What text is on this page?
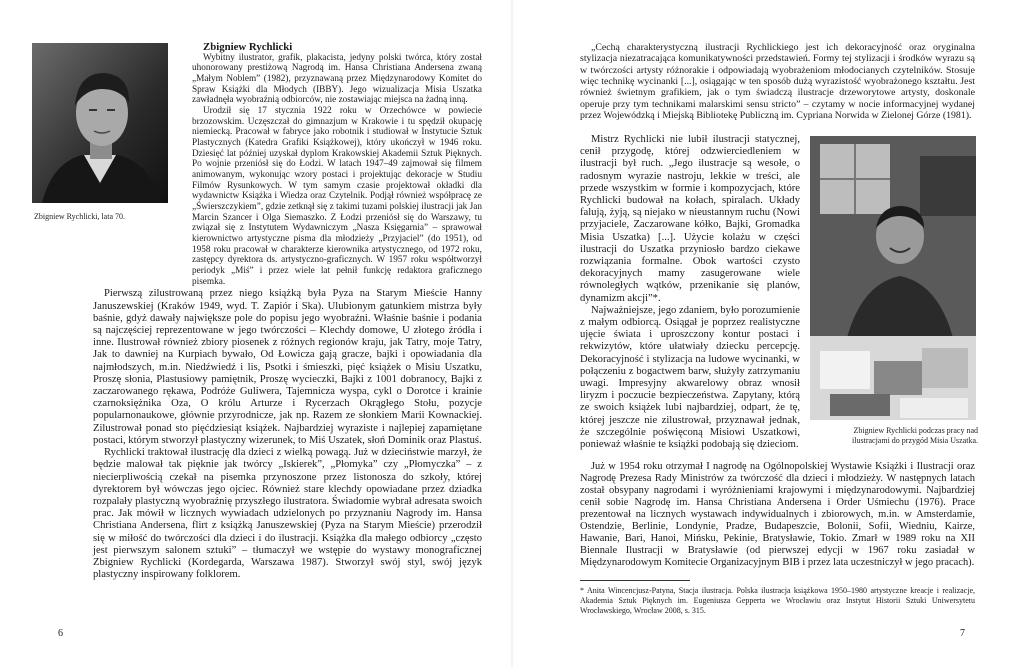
Zbigniew Rychlicki, lata 70.

Zbigniew Rychlicki

Wybitny ilustrator, grafik, plakacista, jedyny polski twórca, który został uhonorowany prestiżową Nagrodą im. Hansa Christiana Andersena zwaną „Małym Noblem” (1982), przyznawaną przez Międzynarodowy Komitet do Spraw Książki dla Młodych (IBBY). Jego wizualizacja Misia Uszatka zawładnęła wyobraźnią odbiorców, nie zostawiając miejsca na żadną inną.

Urodził się 17 stycznia 1922 roku w Orzechówce w powiecie brzozowskim. Uczęszczał do gimnazjum w Krakowie i tu spędził okupację niemiecką. Pracował w fabryce jako robotnik i studiował w Instytucie Sztuk Plastycznych (Katedra Grafiki Książkowej), który ukończył w 1946 roku. Dziesięć lat później uzyskał dyplom Krakowskiej Akademii Sztuk Pięknych. Po wojnie przeniósł się do Łodzi. W latach 1947–49 zajmował się filmem animowanym, wykonując wzory postaci i projektując dekoracje w Studiu Filmów Rysunkowych. W tym samym czasie projektował okładki dla wydawnictw Książka i Wiedza oraz Czytelnik. Podjął również współpracę ze „Świerszczykiem”, gdzie zetknął się z takimi tuzami polskiej ilustracji jak Jan Marcin Szancer i Olga Siemaszko. Z Łodzi przeniósł się do Warszawy, tu związał się z Instytutem Wydawniczym „Nasza Księgarnia” – sprawował kierownictwo artystyczne pisma dla młodzieży „Przyjaciel” (do 1951), od 1958 roku pracował w charakterze kierownika artystycznego, od 1972 roku, zastępcy dyrektora ds. artystyczno-graficznych. W 1957 roku współtworzył periodyk „Miś” i przez wiele lat pełnił funkcję redaktora graficznego pisemka.

Pierwszą zilustrowaną przez niego książką była Pyza na Starym Mieście Hanny Januszewskiej (Kraków 1949, wyd. T. Zapiór i Ska). Ulubionym gatunkiem mistrza były baśnie, gdyż dawały największe pole do popisu jego wyobraźni. Właśnie baśnie i podania są najczęściej reprezentowane w jego twórczości – Klechdy domowe, U złotego źródła i inne. Ilustrował również zbiory piosenek z różnych regionów kraju, jak Tatry, moje Tatry, Jak to dawniej na Kurpiach bywało, Od Łowicza gają gracze, bajki i opowiadania dla najmłodszych, m.in. Niedźwiedź i lis, Psotki i śmieszki, pięć książek o Misiu Uszatku, Proszę słonia, Plastusiowy pamiętnik, Proszę wycieczki, Bajki z 1001 dobranocy, Bajki z zaczarowanego rękawa, Podróże Guliwera, Tajemnicza wyspa, cykl o Dorotce i krainie czarnoksiężnika Oza, O królu Arturze i Rycerzach Okrągłego Stołu, pozycje popularnonaukowe, głównie przyrodnicze, jak np. Razem ze słonkiem Marii Kownackiej. Zilustrował ponad sto pięćdziesiąt książek. Najbardziej wyraziste i najlepiej zapamiętane postaci, którym stworzył plastyczny wizerunek, to Miś Uszatek, słoń Dominik oraz Plastuś.

Rychlicki traktował ilustrację dla dzieci z wielką powagą. Już w dzieciństwie marzył, że będzie malował tak pięknie jak twórcy „Iskierek”, „Płomyka” czy „Płomyczka” – z niecierpliwością czekał na pisemka przynoszone przez listonosza do szkoły, której dyrektorem był wówczas jego ojciec. Również stare klechdy opowiadane przez dziadka rozpalały plastyczną wyobraźnię przyszłego ilustratora. Świadomie wybrał adresata swoich prac. Jak mówił w licznych wywiadach udzielonych po przyznaniu Nagrody im. Hansa Christiana Andersena, flirt z książką Januszewskiej (Pyza na Starym Mieście) przerodził się w miłość do twórczości dla dzieci i do ilustracji. Książka dla małego odbiorcy „często jest pierwszym salonem sztuki” – tłumaczył we wstępie do wystawy monograficznej Zbigniew Rychlicki (Kordegarda, Warszawa 1987). Stworzył swój styl, swój język plastyczny inspirowany folklorem.

6

„Cechą charakterystyczną ilustracji Rychlickiego jest ich dekoracyjność oraz oryginalna stylizacja niezatracająca komunikatywności przedstawień. Formy tej stylizacji i środków wyrazu są w twórczości artysty różnorakie i odpowiadają wyobrażeniom młodocianych czytelników. Stosuje więc technikę wycinanki [...], osiągając w ten sposób dużą wyrazistość wyobrażonego kształtu. Jest również świetnym grafikiem, jak o tym świadczą ilustracje drzeworytowe artysty, doskonale operuje przy tym technikami malarskimi sensu stricto” – czytamy w nocie informacyjnej wydanej przez Wojewódzką i Miejską Bibliotekę Publiczną im. Cypriana Norwida w Zielonej Górze (1981).

Mistrz Rychlicki nie lubił ilustracji statycznej, cenił przygodę, której odzwierciedleniem w ilustracji był ruch. „Jego ilustracje są wesołe, o radosnym wyrazie nastroju, lekkie w treści, ale przede wszystkim w formie i kompozycjach, które Rychlicki budował na kołach, spiralach. Układy falują, żyją, są niejako w nieustannym ruchu (Nowi przyjaciele, Zaczarowane kółko, Bajki, Gromadka Misia Uszatka) [...]. Użycie kolażu w części ilustracji do Uszatka przyniosło bardzo ciekawe rozwiązania formalne. Obok wartości czysto dekoracyjnych mamy zasugerowane wiele równoległych wątków, przenikanie się planów, dynamizm akcji”*.

Najważniejsze, jego zdaniem, było porozumienie z małym odbiorcą. Osiągał je poprzez realistyczne ujęcie świata i uproszczony kontur postaci i rekwizytów, które ułatwiały dziecku percepcję. Dekoracyjność i stylizacja na ludowe wycinanki, w połączeniu z bogactwem barw, służyły zatrzymaniu uwagi. Impresyjny akwarelowy obraz wnosił liryzm i poczucie bezpieczeństwa. Zapytany, którą ze swoich książek lubi najbardziej, odpart, że tę, której jeszcze nie zilustrował, przyznawał jednak, że szczególnie poświęconą Misiowi Uszatkowi, ponieważ właśnie te książki podobają się dzieciom.

Zbigniew Rychlicki podczas pracy nad ilustracjami do przygód Misia Uszatka.

Już w 1954 roku otrzymał I nagrodę na Ogólnopolskiej Wystawie Książki i Ilustracji oraz Nagrodę Prezesa Rady Ministrów za twórczość dla dzieci i młodzieży. W następnych latach został obsypany nagrodami i wyróżnieniami krajowymi i międzynarodowymi. Najbardziej cenił sobie Nagrodę im. Hansa Christiana Andersena i Order Uśmiechu (1976). Prace prezentował na licznych wystawach indywidualnych i zbiorowych, m.in. w Amsterdamie, Ostendzie, Berlinie, Londynie, Pradze, Budapeszcie, Bolonii, Sofii, Wiedniu, Kairze, Hawanie, Bari, Hanoi, Mińsku, Pekinie, Bratysławie, Tokio. Zmarł w 1989 roku na XII Biennale Ilustracji w Bratysławie (od pierwszej edycji w 1967 roku zasiadał w Międzynarodowym Komitecie Organizacyjnym BIB i przez lata uczestniczył w jego pracach).

* Anita Wincencjusz-Patyna, Stacja ilustracja. Polska ilustracja książkowa 1950–1980 artystyczne kreacje i realizacje, Akademia Sztuk Pięknych im. Eugeniusza Gepperta we Wrocławiu oraz Instytut Historii Sztuki Uniwersytetu Wrocławskiego, Wrocław 2008, s. 315.
7
